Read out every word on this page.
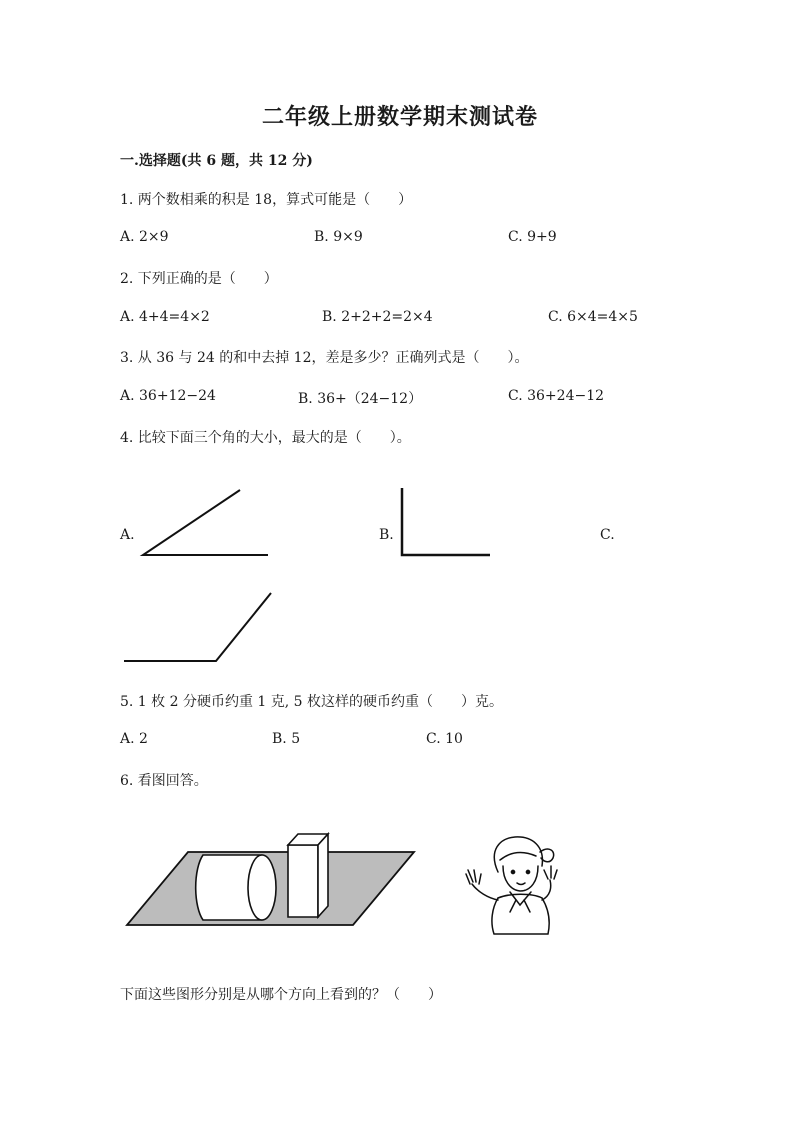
二年级上册数学期末测试卷
一.选择题(共 6 题，共 12 分)
1. 两个数相乘的积是 18，算式可能是（　　）
A. 2×9	B. 9×9	C. 9+9
2. 下列正确的是（　　）
A. 4+4=4×2	B. 2+2+2=2×4	C. 6×4=4×5
3. 从 36 与 24 的和中去掉 12，差是多少？正确列式是（　　）。
A. 36+12−24	B. 36+（24−12）	C. 36+24−12
4. 比较下面三个角的大小，最大的是（　　）。
A.	B.	C.
5. 1 枚 2 分硬币约重 1 克, 5 枚这样的硬币约重（　　）克。
A. 2	B. 5	C. 10
6. 看图回答。
下面这些图形分别是从哪个方向上看到的？（　　）
